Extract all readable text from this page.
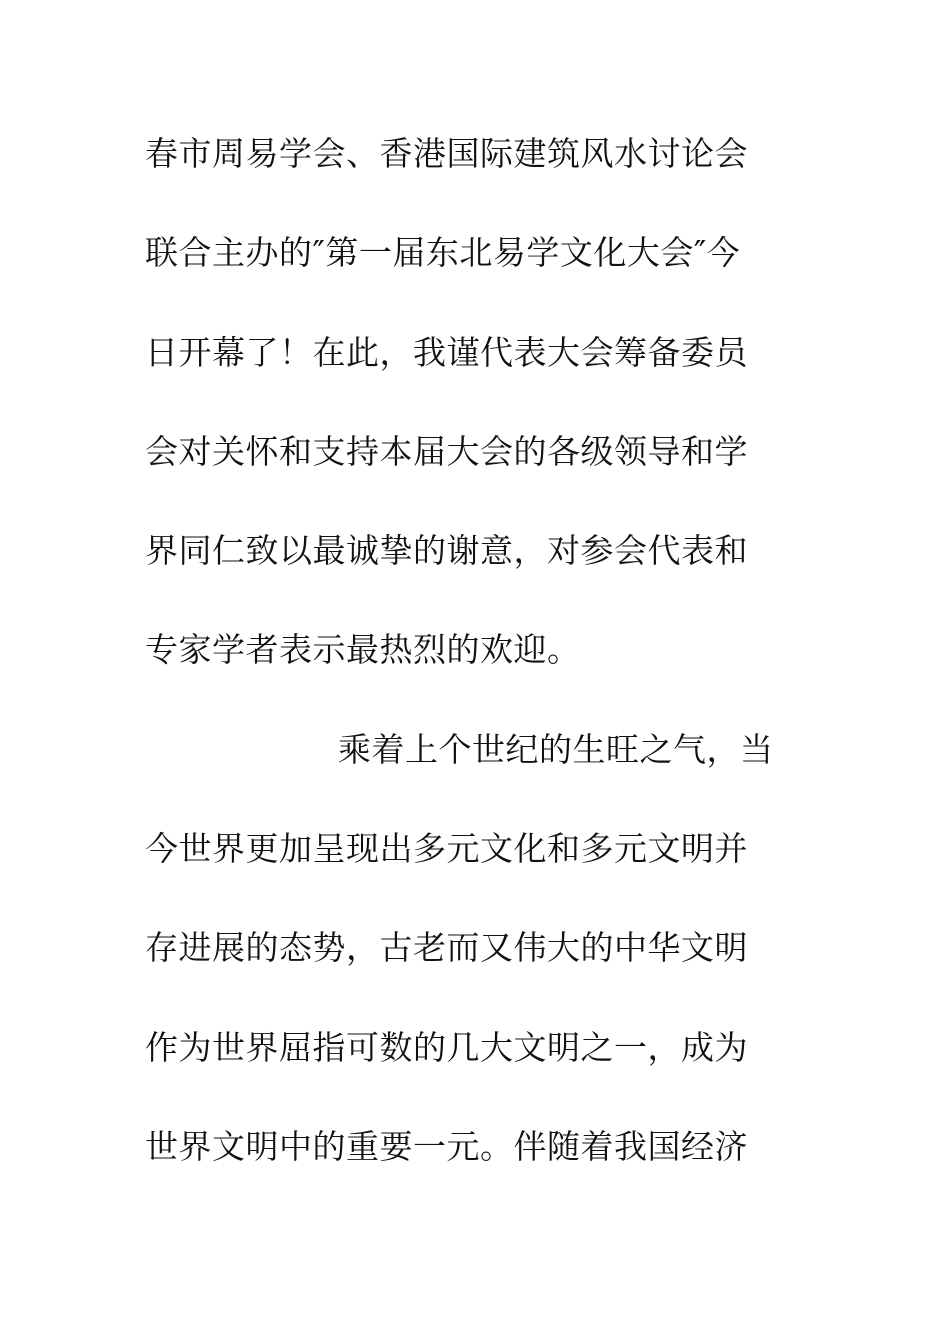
春市周易学会、香港国际建筑风水讨论会
联合主办的″第一届东北易学文化大会″今
日开幕了！在此，我谨代表大会筹备委员
会对关怀和支持本届大会的各级领导和学
界同仁致以最诚挚的谢意，对参会代表和
专家学者表示最热烈的欢迎。
乘着上个世纪的生旺之气，当
今世界更加呈现出多元文化和多元文明并
存进展的态势，古老而又伟大的中华文明
作为世界屈指可数的几大文明之一，成为
世界文明中的重要一元。伴随着我国经济
